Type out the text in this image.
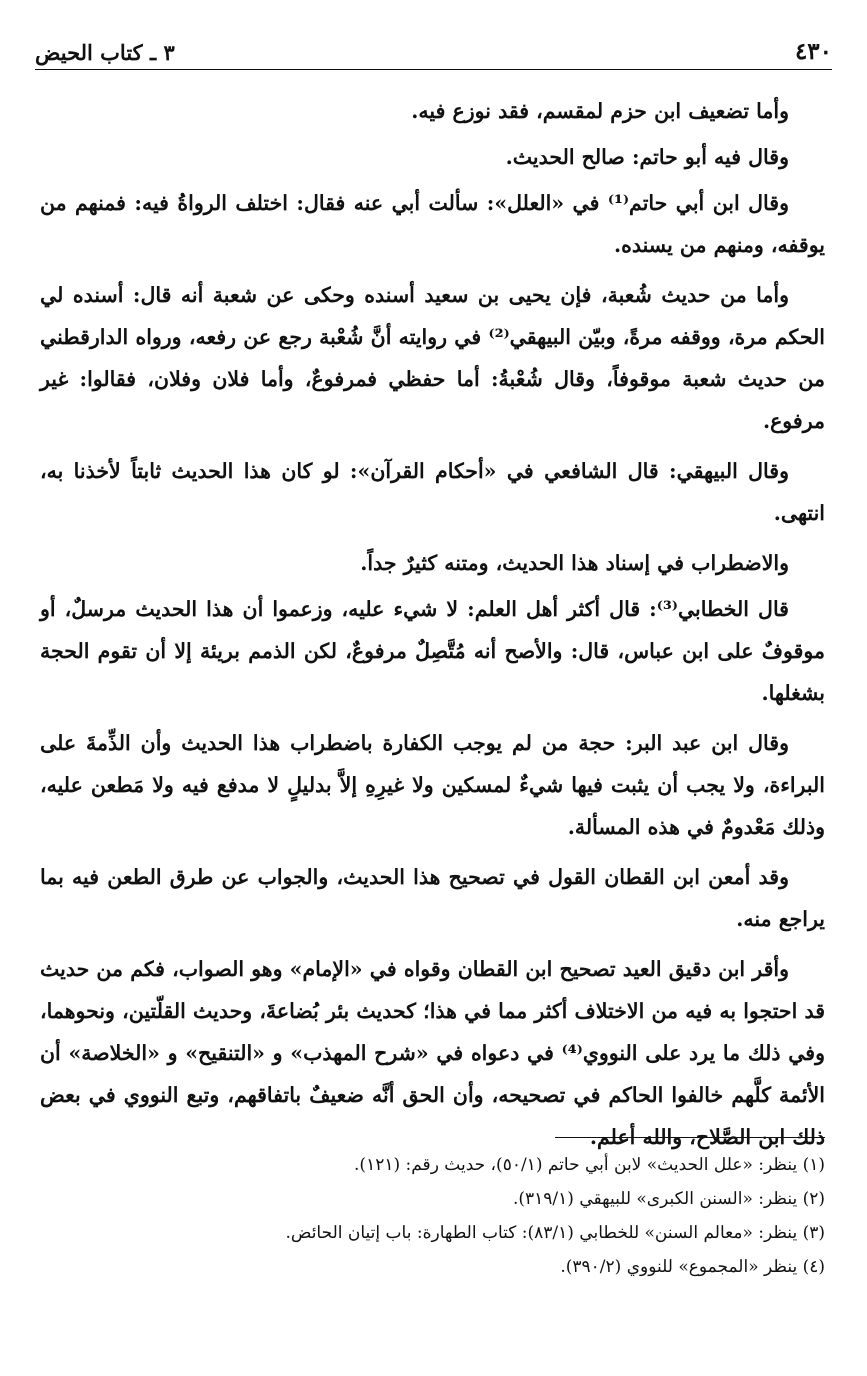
٤٣٠
٣ ـ كتاب الحيض

وأما تضعيف ابن حزم لمقسم، فقد نوزع فيه.

وقال فيه أبو حاتم: صالح الحديث.

وقال ابن أبي حاتم⁽¹⁾ في «العلل»: سألت أبي عنه فقال: اختلف الرواةُ فيه: فمنهم من يوقفه، ومنهم من يسنده.

وأما من حديث شُعبة، فإن يحيى بن سعيد أسنده وحكى عن شعبة أنه قال: أسنده لي الحكم مرة، ووقفه مرةً، وبيّن البيهقي⁽²⁾ في روايته أنَّ شُعْبة رجع عن رفعه، ورواه الدارقطني من حديث شعبة موقوفاً، وقال شُعْبةُ: أما حفظي فمرفوعٌ، وأما فلان وفلان، فقالوا: غير مرفوع.

وقال البيهقي: قال الشافعي في «أحكام القرآن»: لو كان هذا الحديث ثابتاً لأخذنا به، انتهى.

والاضطراب في إسناد هذا الحديث، ومتنه كثيرٌ جداً.

قال الخطابي⁽³⁾: قال أكثر أهل العلم: لا شيء عليه، وزعموا أن هذا الحديث مرسلٌ، أو موقوفٌ على ابن عباس، قال: والأصح أنه مُتَّصِلٌ مرفوعٌ، لكن الذمم بريئة إلا أن تقوم الحجة بشغلها.

وقال ابن عبد البر: حجة من لم يوجب الكفارة باضطراب هذا الحديث وأن الذِّمةَ على البراءة، ولا يجب أن يثبت فيها شيءٌ لمسكين ولا غيرِهِ إلاَّ بدليلٍ لا مدفع فيه ولا مَطعن عليه، وذلك مَعْدومٌ في هذه المسألة.

وقد أمعن ابن القطان القول في تصحيح هذا الحديث، والجواب عن طرق الطعن فيه بما يراجع منه.

وأقر ابن دقيق العيد تصحيح ابن القطان وقواه في «الإمام» وهو الصواب، فكم من حديث قد احتجوا به فيه من الاختلاف أكثر مما في هذا؛ كحديث بئر بُضاعةَ، وحديث القلّتين، ونحوهما، وفي ذلك ما يرد على النووي⁽⁴⁾ في دعواه في «شرح المهذب» و «التنقيح» و «الخلاصة» أن الأئمة كلَّهم خالفوا الحاكم في تصحيحه، وأن الحق أنَّه ضعيفٌ باتفاقهم، وتبع النووي في بعض ذلك ابن الصَّلاح، والله أعلم.

(١) ينظر: «علل الحديث» لابن أبي حاتم (٥٠/١)، حديث رقم: (١٢١).

(٢) ينظر: «السنن الكبرى» للبيهقي (٣١٩/١).

(٣) ينظر: «معالم السنن» للخطابي (٨٣/١): كتاب الطهارة: باب إتيان الحائض.

(٤) ينظر «المجموع» للنووي (٣٩٠/٢).
